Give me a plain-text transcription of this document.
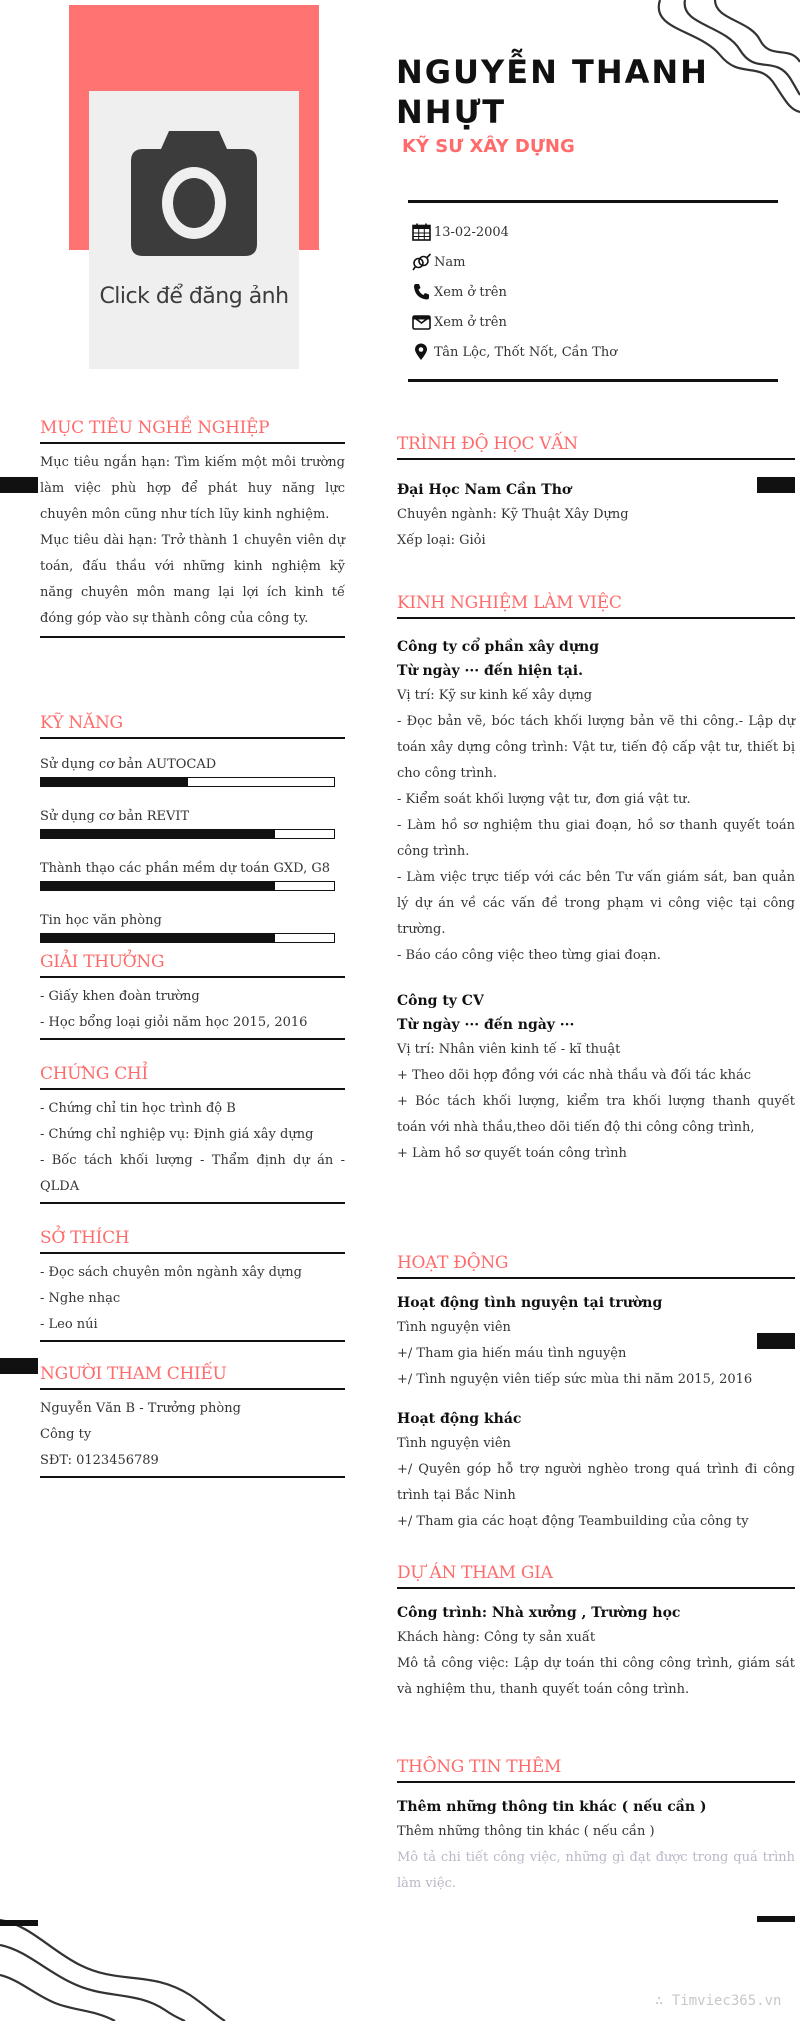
Click để đăng ảnh
NGUYỄN THANH NHỰT
KỸ SƯ XÂY DỰNG
13-02-2004
Nam
Xem ở trên
Xem ở trên
Tân Lộc, Thốt Nốt, Cần Thơ
MỤC TIÊU NGHỀ NGHIỆP
Mục tiêu ngắn hạn: Tìm kiếm một môi trường làm việc phù hợp để phát huy năng lực chuyên môn cũng như tích lũy kinh nghiệm.
Mục tiêu dài hạn: Trở thành 1 chuyên viên dự toán, đấu thầu với những kinh nghiệm kỹ năng chuyên môn mang lại lợi ích kinh tế đóng góp vào sự thành công của công ty.
KỸ NĂNG
Sử dụng cơ bản AUTOCAD
Sử dụng cơ bản REVIT
Thành thạo các phần mềm dự toán GXD, G8
Tin học văn phòng
GIẢI THƯỞNG
- Giấy khen đoàn trường
- Học bổng loại giỏi năm học 2015, 2016
CHỨNG CHỈ
- Chứng chỉ tin học trình độ B
- Chứng chỉ nghiệp vụ: Định giá xây dựng
- Bốc tách khối lượng - Thẩm định dự án - QLDA
SỞ THÍCH
- Đọc sách chuyên môn ngành xây dựng
- Nghe nhạc
- Leo núi
NGƯỜI THAM CHIẾU
Nguyễn Văn B - Trưởng phòng
Công ty
SĐT: 0123456789
TRÌNH ĐỘ HỌC VẤN
Đại Học Nam Cần Thơ
Chuyên ngành: Kỹ Thuật Xây Dựng
Xếp loại: Giỏi
KINH NGHIỆM LÀM VIỆC
Công ty cổ phần xây dựng
Từ ngày ··· đến hiện tại.
Vị trí: Kỹ sư kinh kế xây dựng
- Đọc bản vẽ, bóc tách khối lượng bản vẽ thi công.- Lập dự toán xây dựng công trình: Vật tư, tiến độ cấp vật tư, thiết bị cho công trình.
- Kiểm soát khối lượng vật tư, đơn giá vật tư.
- Làm hồ sơ nghiệm thu giai đoạn, hồ sơ thanh quyết toán công trình.
- Làm việc trực tiếp với các bên Tư vấn giám sát, ban quản lý dự án về các vấn đề trong phạm vi công việc tại công trường.
- Báo cáo công việc theo từng giai đoạn.
Công ty CV
Từ ngày ··· đến ngày ···
Vị trí: Nhân viên kinh tế - kĩ thuật
+ Theo dõi hợp đồng với các nhà thầu và đối tác khác
+ Bóc tách khối lượng, kiểm tra khối lượng thanh quyết toán với nhà thầu,theo dõi tiến độ thi công công trình,
+ Làm hồ sơ quyết toán công trình
HOẠT ĐỘNG
Hoạt động tình nguyện tại trường
Tình nguyện viên
+/ Tham gia hiến máu tình nguyện
+/ Tình nguyện viên tiếp sức mùa thi năm 2015, 2016
Hoạt động khác
Tình nguyện viên
+/ Quyên góp hỗ trợ người nghèo trong quá trình đi công trình tại Bắc Ninh
+/ Tham gia các hoạt động Teambuilding của công ty
DỰ ÁN THAM GIA
Công trình: Nhà xưởng , Trường học
Khách hàng: Công ty sản xuất
Mô tả công việc: Lập dự toán thi công công trình, giám sát và nghiệm thu, thanh quyết toán công trình.
THÔNG TIN THÊM
Thêm những thông tin khác ( nếu cần )
Thêm những thông tin khác ( nếu cần )
Mô tả chi tiết công việc, những gì đạt được trong quá trình làm việc.
∴ Timviec365.vn
